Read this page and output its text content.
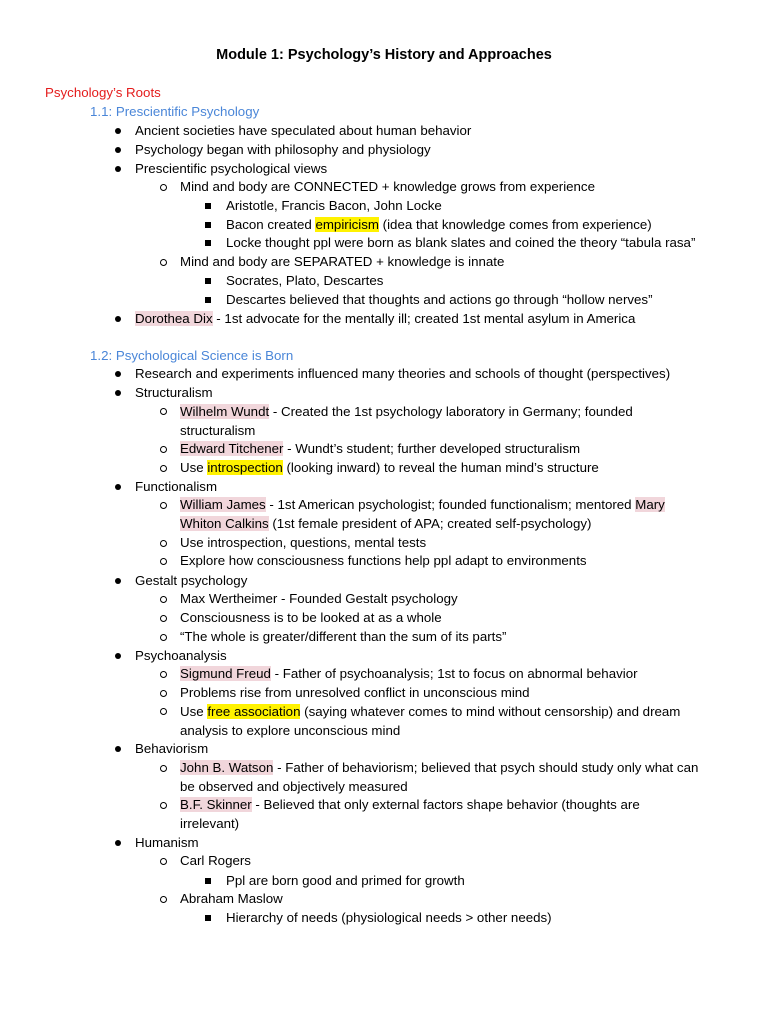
Module 1: Psychology’s History and Approaches
Psychology’s Roots
1.1: Prescientific Psychology
Ancient societies have speculated about human behavior
Psychology began with philosophy and physiology
Prescientific psychological views
Mind and body are CONNECTED + knowledge grows from experience
Aristotle, Francis Bacon, John Locke
Bacon created empiricism (idea that knowledge comes from experience)
Locke thought ppl were born as blank slates and coined the theory “tabula rasa”
Mind and body are SEPARATED + knowledge is innate
Socrates, Plato, Descartes
Descartes believed that thoughts and actions go through “hollow nerves”
Dorothea Dix - 1st advocate for the mentally ill; created 1st mental asylum in America
1.2: Psychological Science is Born
Research and experiments influenced many theories and schools of thought (perspectives)
Structuralism
Wilhelm Wundt - Created the 1st psychology laboratory in Germany; founded
structuralism
Edward Titchener - Wundt’s student; further developed structuralism
Use introspection (looking inward) to reveal the human mind’s structure
Functionalism
William James - 1st American psychologist; founded functionalism; mentored Mary
Whiton Calkins (1st female president of APA; created self-psychology)
Use introspection, questions, mental tests
Explore how consciousness functions help ppl adapt to environments
Gestalt psychology
Max Wertheimer - Founded Gestalt psychology
Consciousness is to be looked at as a whole
“The whole is greater/different than the sum of its parts”
Psychoanalysis
Sigmund Freud - Father of psychoanalysis; 1st to focus on abnormal behavior
Problems rise from unresolved conflict in unconscious mind
Use free association (saying whatever comes to mind without censorship) and dream
analysis to explore unconscious mind
Behaviorism
John B. Watson - Father of behaviorism; believed that psych should study only what can
be observed and objectively measured
B.F. Skinner - Believed that only external factors shape behavior (thoughts are
irrelevant)
Humanism
Carl Rogers
Ppl are born good and primed for growth
Abraham Maslow
Hierarchy of needs (physiological needs > other needs)
